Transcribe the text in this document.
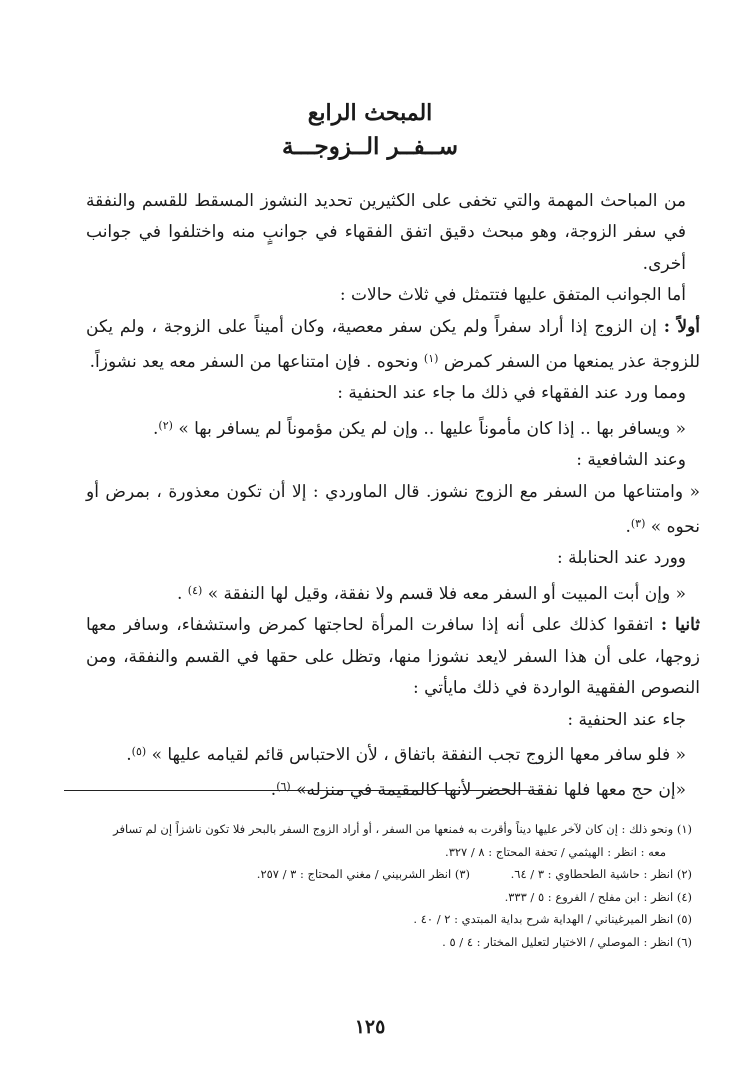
المبحث الرابع
ســفــر الــزوجـــة

من المباحث المهمة والتي تخفى على الكثيرين تحديد النشوز المسقط للقسم والنفقة في سفر الزوجة، وهو مبحث دقيق اتفق الفقهاء في جوانبٍ منه واختلفوا في جوانب أخرى.

أما الجوانب المتفق عليها فتتمثل في ثلاث حالات :

أولاً : إن الزوج إذا أراد سفراً ولم يكن سفر معصية، وكان أميناً على الزوجة ، ولم يكن للزوجة عذر يمنعها من السفر كمرض $^{(١)}$ ونحوه . فإن امتناعها من السفر معه يعد نشوزاً.

ومما ورد عند الفقهاء في ذلك ما جاء عند الحنفية :

« ويسافر بها .. إذا كان مأموناً عليها .. وإن لم يكن مؤموناً لم يسافر بها » $^{(٢)}$.

وعند الشافعية :

« وامتناعها من السفر مع الزوج نشوز. قال الماوردي : إلا أن تكون معذورة ، بمرض أو نحوه » $^{(٣)}$.

وورد عند الحنابلة :

« وإن أبت المبيت أو السفر معه فلا قسم ولا نفقة، وقيل لها النفقة » $^{(٤)}$ .

ثانيا : اتفقوا كذلك على أنه إذا سافرت المرأة لحاجتها كمرض واستشفاء، وسافر معها زوجها، على أن هذا السفر لايعد نشوزا منها، وتظل على حقها في القسم والنفقة، ومن النصوص الفقهية الواردة في ذلك مايأتي :

جاء عند الحنفية :

« فلو سافر معها الزوج تجب النفقة باتفاق ، لأن الاحتباس قائم لقيامه عليها » $^{(٥)}$.

«إن حج معها فلها نفقة الحضر لأنها كالمقيمة في منزله» $^{(٦)}$.

(١) ونحو ذلك : إن كان لآخر عليها ديناً وأقرت به فمنعها من السفر ، أو أراد الزوج السفر بالبحر فلا تكون ناشزاً إن لم تسافر

معه : انظر : الهيثمي / تحفة المحتاج : ٨ / ٣٢٧.

(٢) انظر : حاشية الطحطاوي : ٣ / ٦٤.
(٣) انظر الشربيني / مغني المحتاج : ٣ / ٢٥٧.

(٤) انظر : ابن مفلح / الفروع : ٥ / ٣٣٣.

(٥) انظر الميرغيناني / الهداية شرح بداية المبتدي : ٢ / ٤٠ .

(٦) انظر : الموصلي / الاختيار لتعليل المختار : ٤ / ٥ .

١٢٥
